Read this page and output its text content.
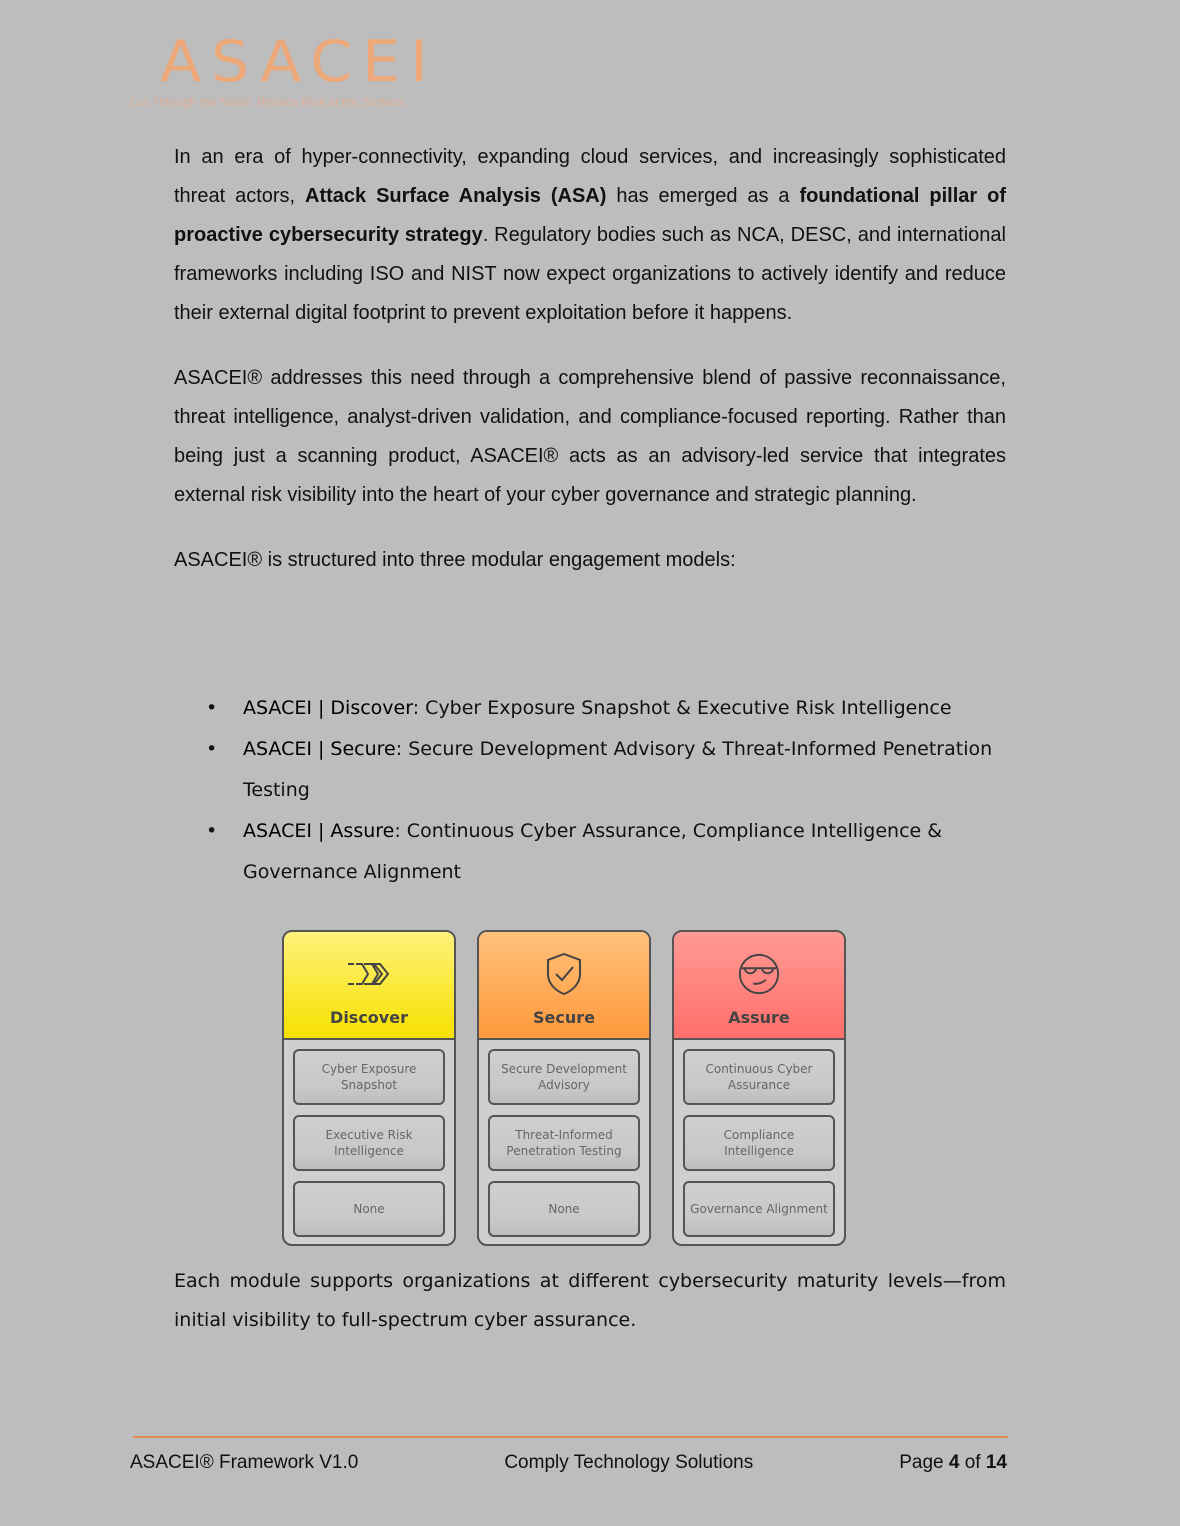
ASACEI
Cut Through the Noise. Reduce Risk at the Surface.

In an era of hyper-connectivity, expanding cloud services, and increasingly sophisticated threat actors, Attack Surface Analysis (ASA) has emerged as a foundational pillar of proactive cybersecurity strategy. Regulatory bodies such as NCA, DESC, and international frameworks including ISO and NIST now expect organizations to actively identify and reduce their external digital footprint to prevent exploitation before it happens.

ASACEI® addresses this need through a comprehensive blend of passive reconnaissance, threat intelligence, analyst-driven validation, and compliance-focused reporting. Rather than being just a scanning product, ASACEI® acts as an advisory-led service that integrates external risk visibility into the heart of your cyber governance and strategic planning.

ASACEI® is structured into three modular engagement models:

• ASACEI | Discover: Cyber Exposure Snapshot & Executive Risk Intelligence
• ASACEI | Secure: Secure Development Advisory & Threat-Informed Penetration Testing
• ASACEI | Assure: Continuous Cyber Assurance, Compliance Intelligence & Governance Alignment
Discover
Cyber Exposure Snapshot
Executive Risk Intelligence
None
Secure
Secure Development Advisory
Threat-Informed Penetration Testing
None
Assure
Continuous Cyber Assurance
Compliance Intelligence
Governance Alignment

Each module supports organizations at different cybersecurity maturity levels—from initial visibility to full-spectrum cyber assurance.

ASACEI® Framework V1.0	Comply Technology Solutions	Page 4 of 14
